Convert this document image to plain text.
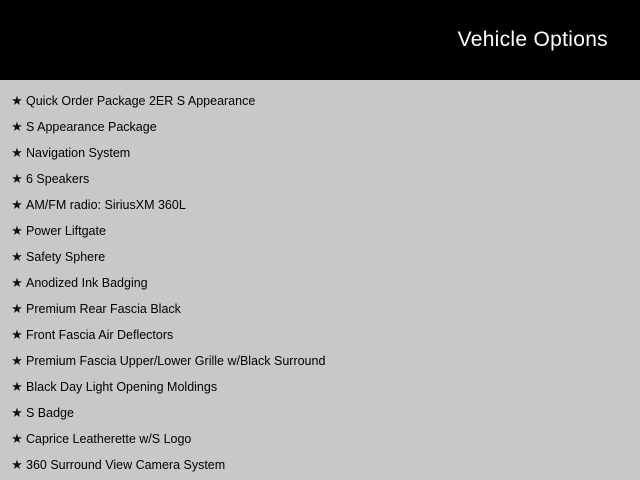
Vehicle Options
★ Quick Order Package 2ER S Appearance
★ S Appearance Package
★ Navigation System
★ 6 Speakers
★ AM/FM radio: SiriusXM 360L
★ Power Liftgate
★ Safety Sphere
★ Anodized Ink Badging
★ Premium Rear Fascia Black
★ Front Fascia Air Deflectors
★ Premium Fascia Upper/Lower Grille w/Black Surround
★ Black Day Light Opening Moldings
★ S Badge
★ Caprice Leatherette w/S Logo
★ 360 Surround View Camera System
